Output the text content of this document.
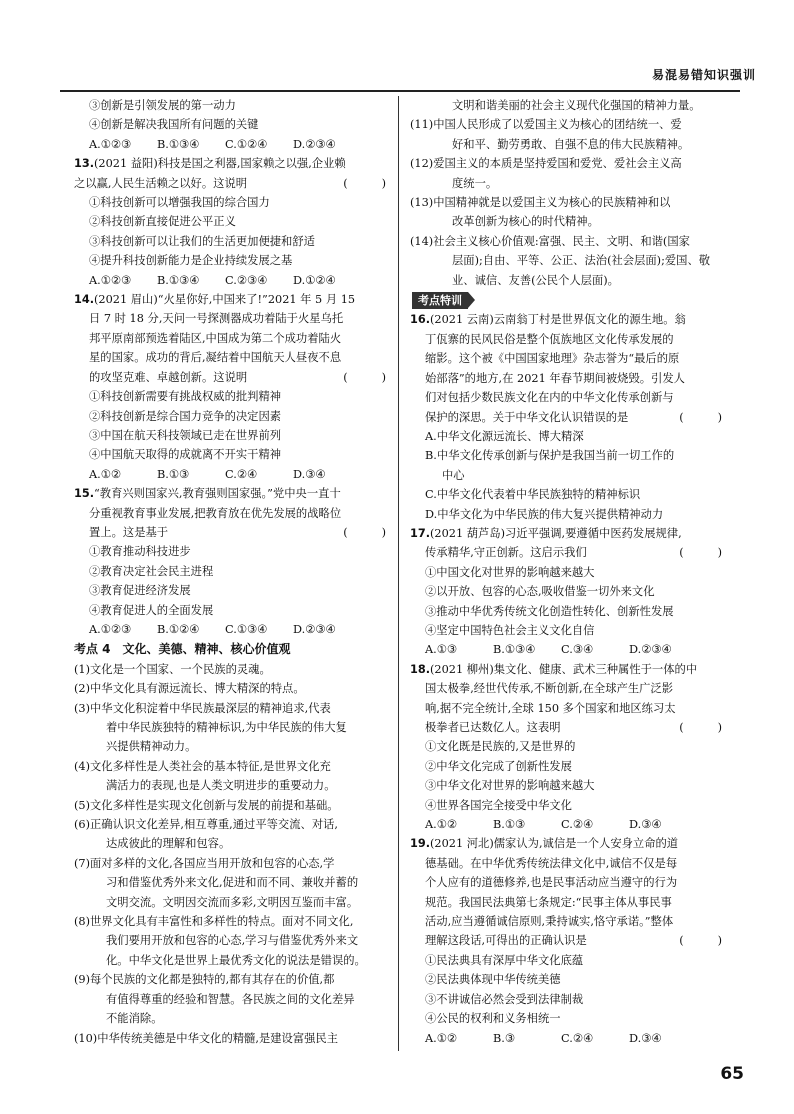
易混易错知识强训
③创新是引领发展的第一动力
④创新是解决我国所有问题的关键
A.①②③	B.①③④	C.①②④	D.②③④
13.(2021 益阳)科技是国之利器,国家赖之以强,企业赖
(　　　)
之以赢,人民生活赖之以好。这说明
①科技创新可以增强我国的综合国力
②科技创新直接促进公平正义
③科技创新可以让我们的生活更加便捷和舒适
④提升科技创新能力是企业持续发展之基
A.①②③	B.①③④	C.②③④	D.①②④
14.(2021 眉山)“火星你好,中国来了!”2021 年 5 月 15
日 7 时 18 分,天问一号探测器成功着陆于火星乌托
邦平原南部预选着陆区,中国成为第二个成功着陆火
星的国家。成功的背后,凝结着中国航天人昼夜不息
(　　　)
的攻坚克难、卓越创新。这说明
①科技创新需要有挑战权威的批判精神
②科技创新是综合国力竞争的决定因素
③中国在航天科技领域已走在世界前列
④中国航天取得的成就离不开实干精神
A.①②	B.①③	C.②④	D.③④
15.“教育兴则国家兴,教育强则国家强。”党中央一直十
分重视教育事业发展,把教育放在优先发展的战略位
(　　　)
置上。这是基于
①教育推动科技进步
②教育决定社会民主进程
③教育促进经济发展
④教育促进人的全面发展
A.①②③	B.①②④	C.①③④	D.②③④
考点 4　文化、美德、精神、核心价值观
(1)文化是一个国家、一个民族的灵魂。
(2)中华文化具有源远流长、博大精深的特点。
(3)中华文化积淀着中华民族最深层的精神追求,代表
着中华民族独特的精神标识,为中华民族的伟大复
兴提供精神动力。
(4)文化多样性是人类社会的基本特征,是世界文化充
满活力的表现,也是人类文明进步的重要动力。
(5)文化多样性是实现文化创新与发展的前提和基础。
(6)正确认识文化差异,相互尊重,通过平等交流、对话,
达成彼此的理解和包容。
(7)面对多样的文化,各国应当用开放和包容的心态,学
习和借鉴优秀外来文化,促进和而不同、兼收并蓄的
文明交流。文明因交流而多彩,文明因互鉴而丰富。
(8)世界文化具有丰富性和多样性的特点。面对不同文化,
我们要用开放和包容的心态,学习与借鉴优秀外来文
化。中华文化是世界上最优秀文化的说法是错误的。
(9)每个民族的文化都是独特的,都有其存在的价值,都
有值得尊重的经验和智慧。各民族之间的文化差异
不能消除。
(10)中华传统美德是中华文化的精髓,是建设富强民主
文明和谐美丽的社会主义现代化强国的精神力量。
(11)中国人民形成了以爱国主义为核心的团结统一、爱
好和平、勤劳勇敢、自强不息的伟大民族精神。
(12)爱国主义的本质是坚持爱国和爱党、爱社会主义高
度统一。
(13)中国精神就是以爱国主义为核心的民族精神和以
改革创新为核心的时代精神。
(14)社会主义核心价值观:富强、民主、文明、和谐(国家
层面);自由、平等、公正、法治(社会层面);爱国、敬
业、诚信、友善(公民个人层面)。
考点特训
16.(2021 云南)云南翁丁村是世界佤文化的源生地。翁
丁佤寨的民风民俗是整个佤族地区文化传承发展的
缩影。这个被《中国国家地理》杂志誉为“最后的原
始部落”的地方,在 2021 年春节期间被烧毁。引发人
们对包括少数民族文化在内的中华文化传承创新与
(　　　)
保护的深思。关于中华文化认识错误的是
A.中华文化源远流长、博大精深
B.中华文化传承创新与保护是我国当前一切工作的
中心
C.中华文化代表着中华民族独特的精神标识
D.中华文化为中华民族的伟大复兴提供精神动力
17.(2021 葫芦岛)习近平强调,要遵循中医药发展规律,
(　　　)
传承精华,守正创新。这启示我们
①中国文化对世界的影响越来越大
②以开放、包容的心态,吸收借鉴一切外来文化
③推动中华优秀传统文化创造性转化、创新性发展
④坚定中国特色社会主义文化自信
A.①③	B.①③④	C.③④	D.②③④
18.(2021 柳州)集文化、健康、武术三种属性于一体的中
国太极拳,经世代传承,不断创新,在全球产生广泛影
响,据不完全统计,全球 150 多个国家和地区练习太
(　　　)
极拳者已达数亿人。这表明
①文化既是民族的,又是世界的
②中华文化完成了创新性发展
③中华文化对世界的影响越来越大
④世界各国完全接受中华文化
A.①②	B.①③	C.②④	D.③④
19.(2021 河北)儒家认为,诚信是一个人安身立命的道
德基础。在中华优秀传统法律文化中,诚信不仅是每
个人应有的道德修养,也是民事活动应当遵守的行为
规范。我国民法典第七条规定:“民事主体从事民事
活动,应当遵循诚信原则,秉持诚实,恪守承诺。”整体
(　　　)
理解这段话,可得出的正确认识是
①民法典具有深厚中华文化底蕴
②民法典体现中华传统美德
③不讲诚信必然会受到法律制裁
④公民的权利和义务相统一
A.①②	B.③	C.②④	D.③④
65
